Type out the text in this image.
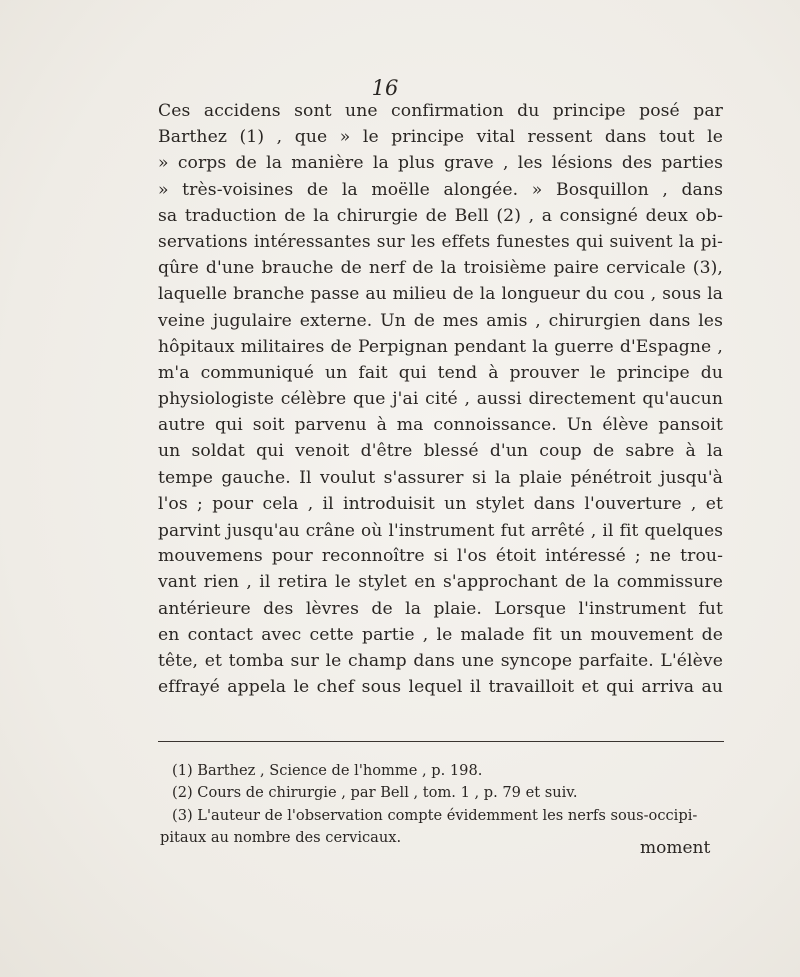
16
Ces accidens sont une confirmation du principe posé par
Barthez (1) , que » le principe vital ressent dans tout le
» corps de la manière la plus grave , les lésions des parties
» très-voisines de la moëlle alongée. » Bosquillon , dans
sa traduction de la chirurgie de Bell (2) , a consigné deux ob-
servations intéressantes sur les effets funestes qui suivent la pi-
qûre d'une brauche de nerf de la troisième paire cervicale (3),
laquelle branche passe au milieu de la longueur du cou , sous la
veine jugulaire externe. Un de mes amis , chirurgien dans les
hôpitaux militaires de Perpignan pendant la guerre d'Espagne ,
m'a communiqué un fait qui tend à prouver le principe du
physiologiste célèbre que j'ai cité , aussi directement qu'aucun
autre qui soit parvenu à ma connoissance. Un élève pansoit
un soldat qui venoit d'être blessé d'un coup de sabre à la
tempe gauche. Il voulut s'assurer si la plaie pénétroit jusqu'à
l'os ; pour cela , il introduisit un stylet dans l'ouverture , et
parvint jusqu'au crâne où l'instrument fut arrêté , il fit quelques
mouvemens pour reconnoître si l'os étoit intéressé ; ne trou-
vant rien , il retira le stylet en s'approchant de la commissure
antérieure des lèvres de la plaie. Lorsque l'instrument fut
en contact avec cette partie , le malade fit un mouvement de
tête, et tomba sur le champ dans une syncope parfaite. L'élève
effrayé appela le chef sous lequel il travailloit et qui arriva au
(1) Barthez , Science de l'homme , p. 198.
(2) Cours de chirurgie , par Bell , tom. 1 , p. 79 et suiv.
(3) L'auteur de l'observation compte évidemment les nerfs sous-occipi-
pitaux au nombre des cervicaux.
moment
